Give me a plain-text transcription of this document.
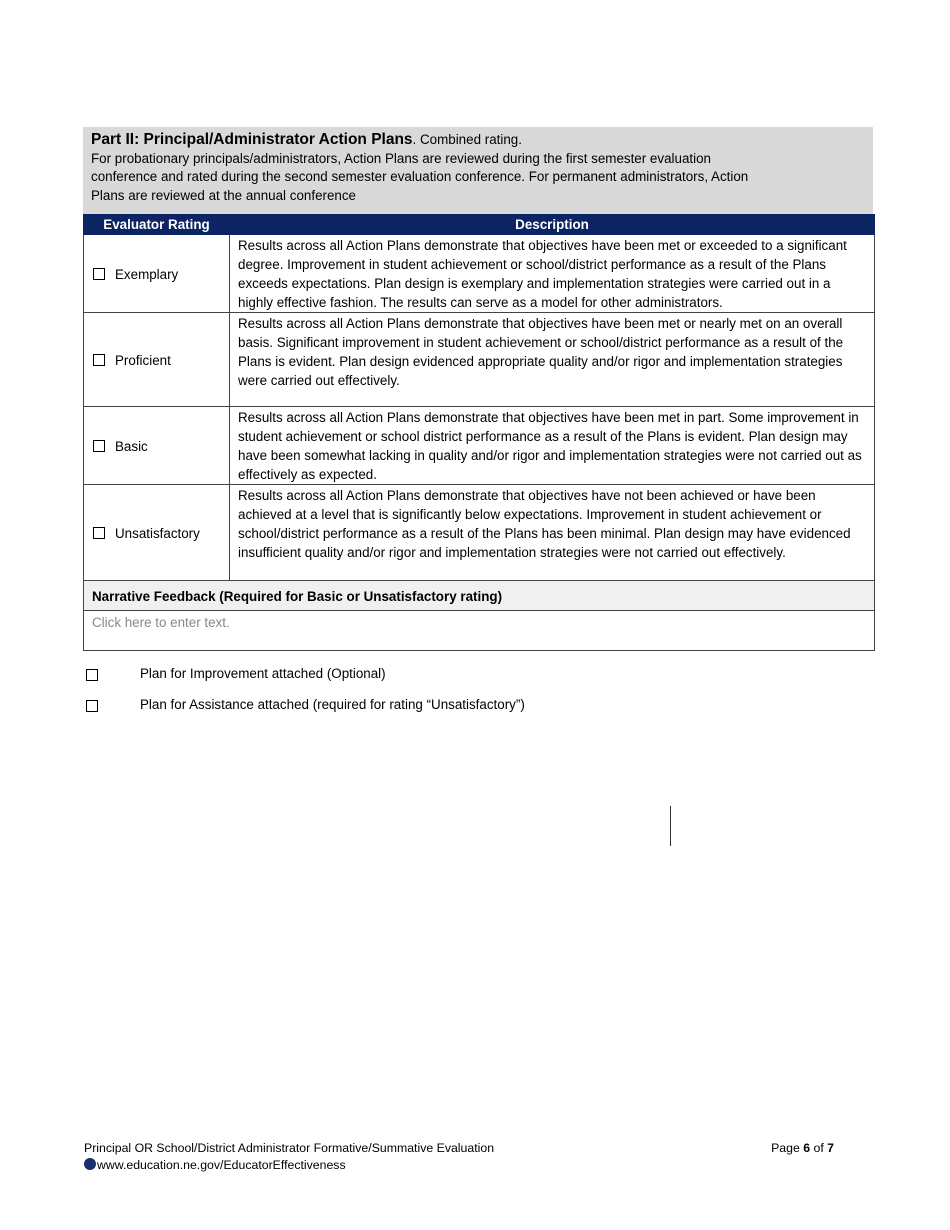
Part II: Principal/Administrator Action Plans. Combined rating.
For probationary principals/administrators, Action Plans are reviewed during the first semester evaluation
conference and rated during the second semester evaluation conference. For permanent administrators, Action
Plans are reviewed at the annual conference
Evaluator Rating	Description
Exemplary	Results across all Action Plans demonstrate that objectives have been met or exceeded to a significant degree. Improvement in student achievement or school/district performance as a result of the Plans exceeds expectations. Plan design is exemplary and implementation strategies were carried out in a highly effective fashion. The results can serve as a model for other administrators.
Proficient	Results across all Action Plans demonstrate that objectives have been met or nearly met on an overall basis. Significant improvement in student achievement or school/district performance as a result of the Plans is evident. Plan design evidenced appropriate quality and/or rigor and implementation strategies were carried out effectively.
Basic	Results across all Action Plans demonstrate that objectives have been met in part. Some improvement in student achievement or school district performance as a result of the Plans is evident. Plan design may have been somewhat lacking in quality and/or rigor and implementation strategies were not carried out as effectively as expected.
Unsatisfactory	Results across all Action Plans demonstrate that objectives have not been achieved or have been achieved at a level that is significantly below expectations. Improvement in student achievement or school/district performance as a result of the Plans has been minimal. Plan design may have evidenced insufficient quality and/or rigor and implementation strategies were not carried out effectively.
Narrative Feedback (Required for Basic or Unsatisfactory rating)	
Click here to enter text.	
Plan for Improvement attached (Optional)
Plan for Assistance attached (required for rating “Unsatisfactory”)
Principal OR School/District Administrator Formative/Summative Evaluation
www.education.ne.gov/EducatorEffectiveness
Page 6 of 7
